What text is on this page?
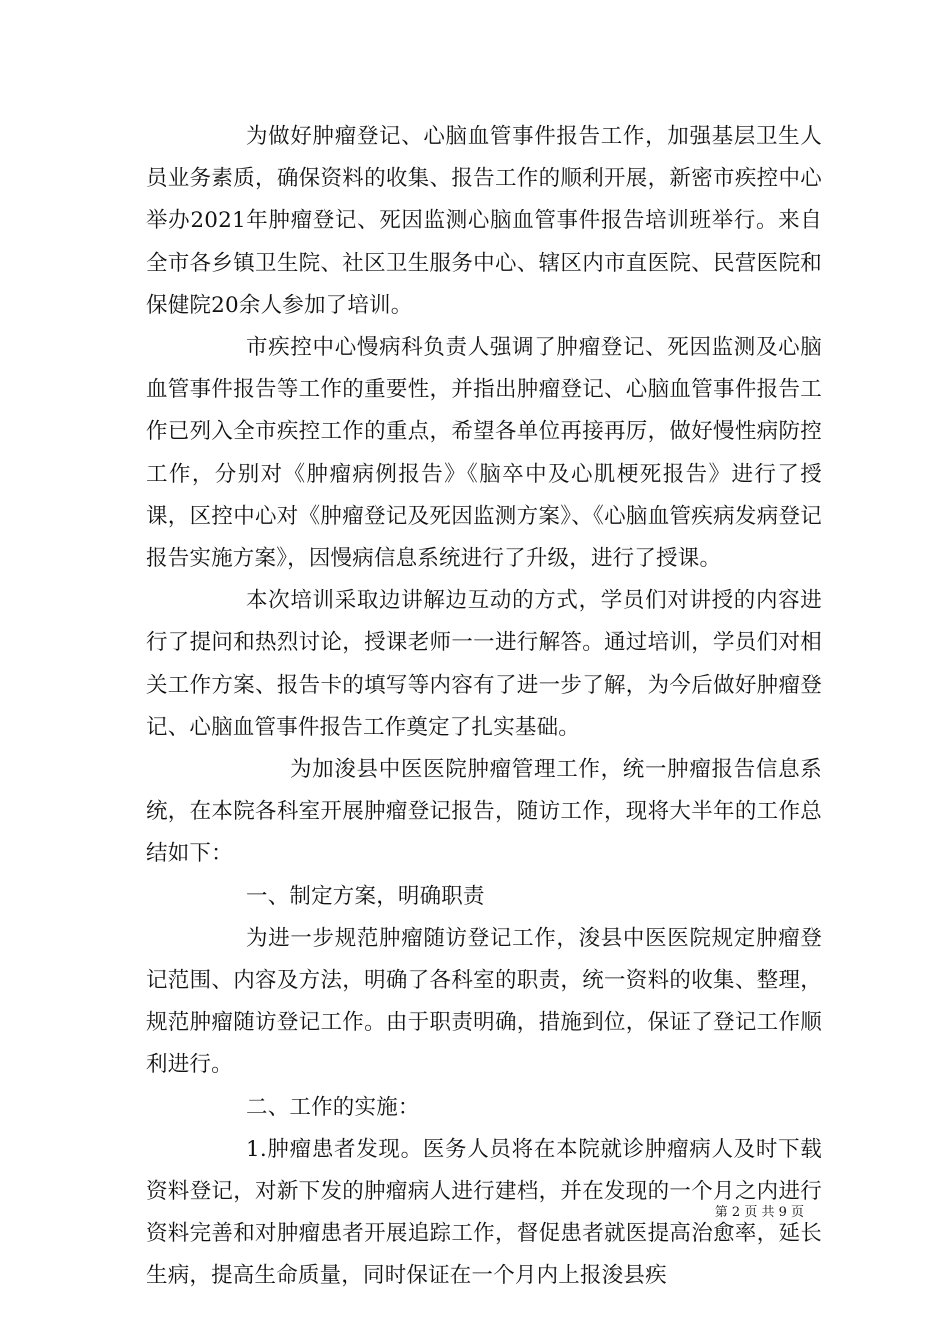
为做好肿瘤登记、心脑血管事件报告工作，加强基层卫生人员业务素质，确保资料的收集、报告工作的顺利开展，新密市疾控中心举办2021年肿瘤登记、死因监测心脑血管事件报告培训班举行。来自全市各乡镇卫生院、社区卫生服务中心、辖区内市直医院、民营医院和保健院20余人参加了培训。

市疾控中心慢病科负责人强调了肿瘤登记、死因监测及心脑血管事件报告等工作的重要性，并指出肿瘤登记、心脑血管事件报告工作已列入全市疾控工作的重点，希望各单位再接再厉，做好慢性病防控工作，分别对《肿瘤病例报告》《脑卒中及心肌梗死报告》进行了授课，区控中心对《肿瘤登记及死因监测方案》、《心脑血管疾病发病登记报告实施方案》，因慢病信息系统进行了升级，进行了授课。

本次培训采取边讲解边互动的方式，学员们对讲授的内容进行了提问和热烈讨论，授课老师一一进行解答。通过培训，学员们对相关工作方案、报告卡的填写等内容有了进一步了解，为今后做好肿瘤登记、心脑血管事件报告工作奠定了扎实基础。

为加浚县中医医院肿瘤管理工作，统一肿瘤报告信息系统，在本院各科室开展肿瘤登记报告，随访工作，现将大半年的工作总结如下：

一、制定方案，明确职责

为进一步规范肿瘤随访登记工作，浚县中医医院规定肿瘤登记范围、内容及方法，明确了各科室的职责，统一资料的收集、整理，规范肿瘤随访登记工作。由于职责明确，措施到位，保证了登记工作顺利进行。

二、工作的实施：

1.肿瘤患者发现。医务人员将在本院就诊肿瘤病人及时下载资料登记，对新下发的肿瘤病人进行建档，并在发现的一个月之内进行资料完善和对肿瘤患者开展追踪工作，督促患者就医提高治愈率，延长生病，提高生命质量，同时保证在一个月内上报浚县疾

第 2 页 共 9 页
